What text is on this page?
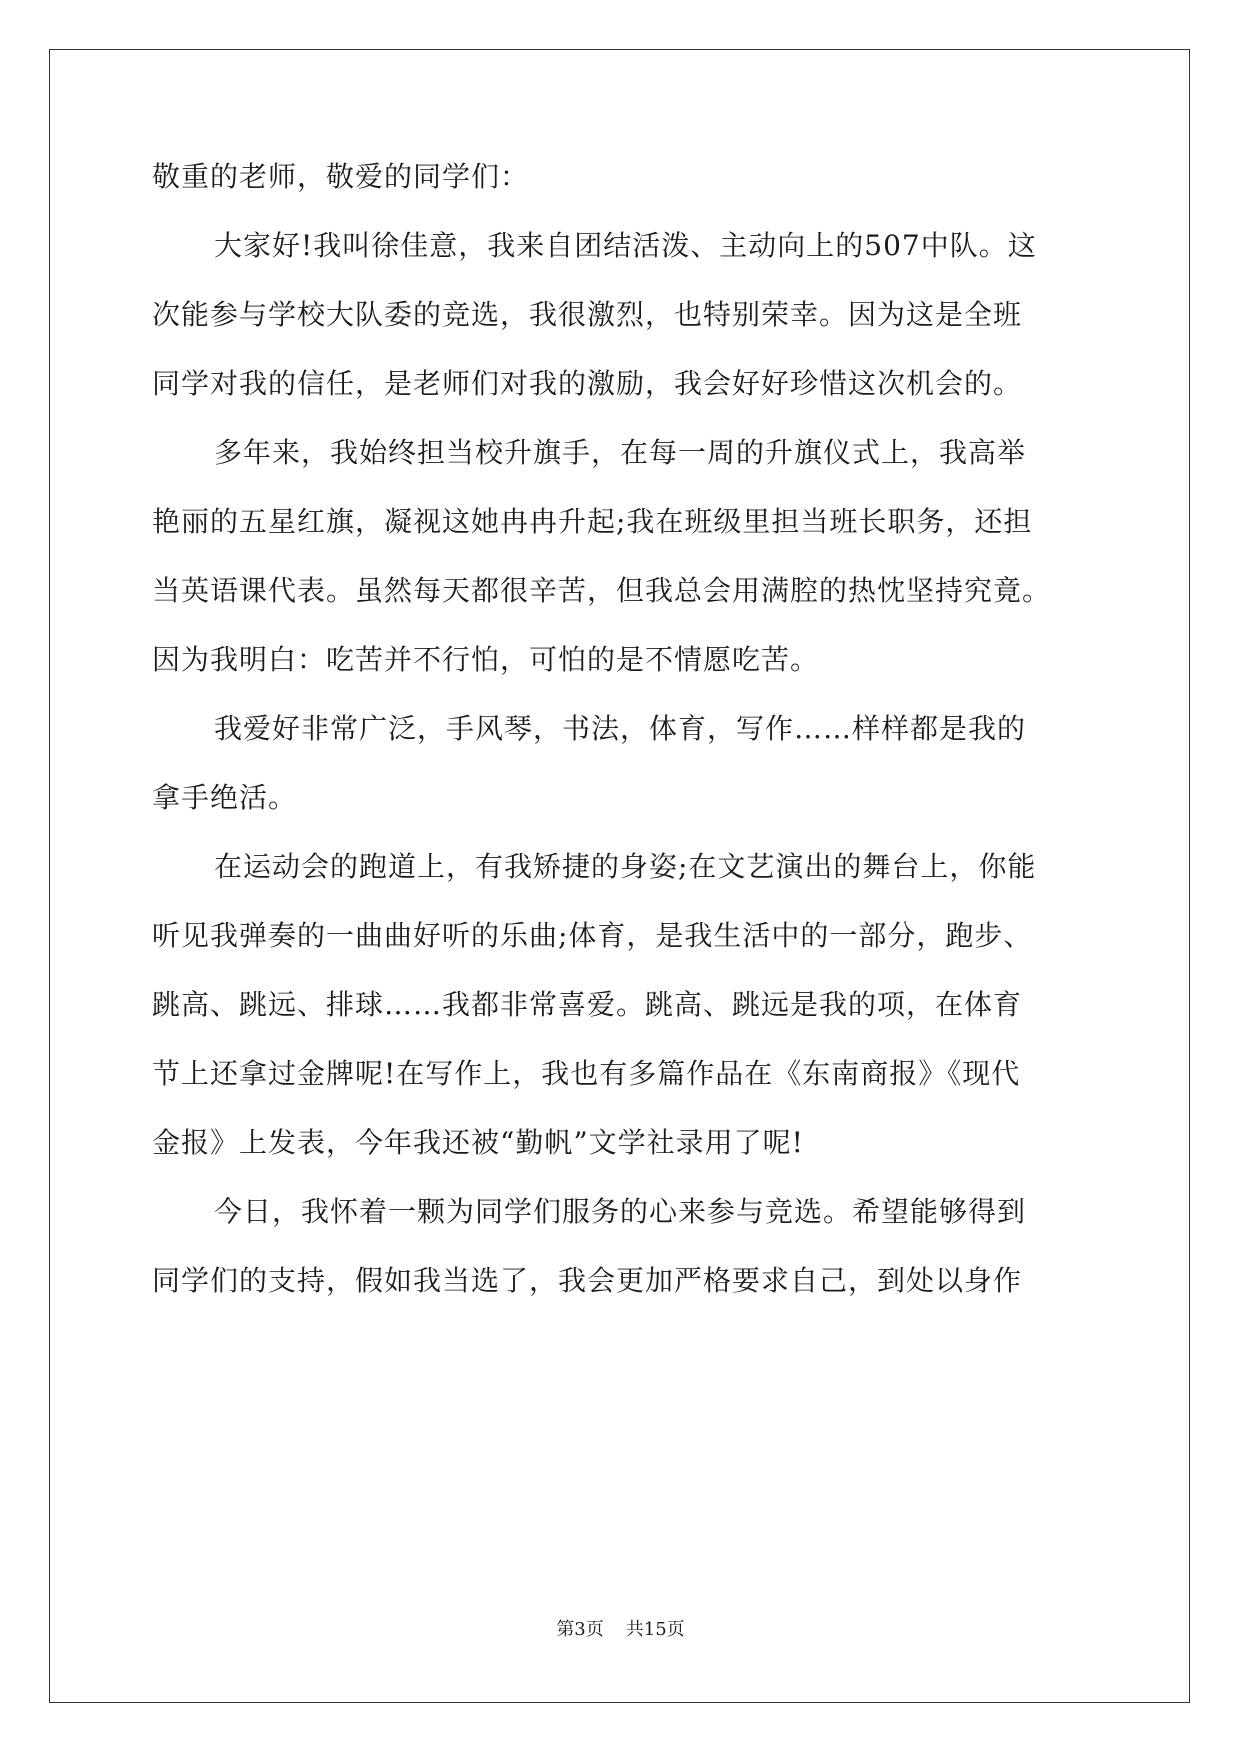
敬重的老师，敬爱的同学们：
大家好!我叫徐佳意，我来自团结活泼、主动向上的507中队。这
次能参与学校大队委的竞选，我很激烈，也特别荣幸。因为这是全班
同学对我的信任，是老师们对我的激励，我会好好珍惜这次机会的。
多年来，我始终担当校升旗手，在每一周的升旗仪式上，我高举
艳丽的五星红旗，凝视这她冉冉升起;我在班级里担当班长职务，还担
当英语课代表。虽然每天都很辛苦，但我总会用满腔的热忱坚持究竟。
因为我明白：吃苦并不行怕，可怕的是不情愿吃苦。
我爱好非常广泛，手风琴，书法，体育，写作……样样都是我的
拿手绝活。
在运动会的跑道上，有我矫捷的身姿;在文艺演出的舞台上，你能
听见我弹奏的一曲曲好听的乐曲;体育，是我生活中的一部分，跑步、
跳高、跳远、排球……我都非常喜爱。跳高、跳远是我的项，在体育
节上还拿过金牌呢!在写作上，我也有多篇作品在《东南商报》《现代
金报》上发表，今年我还被“勤帆”文学社录用了呢!
今日，我怀着一颗为同学们服务的心来参与竞选。希望能够得到
同学们的支持，假如我当选了，我会更加严格要求自己，到处以身作
第3页 共15页
